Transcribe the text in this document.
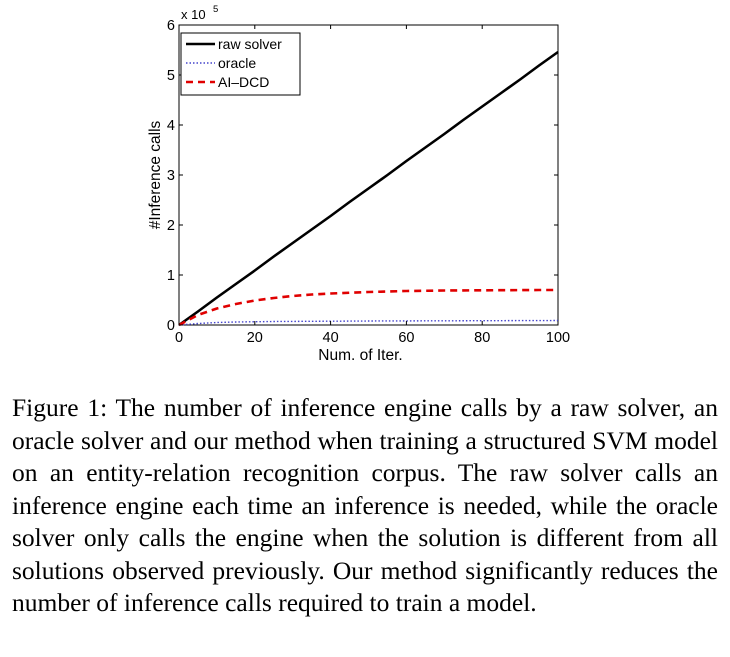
0	20	40	60	80	100
0
1
2
3
4
5
6
x 10 5
Num. of Iter.
#Inference calls
raw solver
oracle
AI–DCD
Figure 1: The number of inference engine calls by a raw solver, an oracle solver and our method when training a structured SVM model on an entity-relation recognition corpus. The raw solver calls an inference engine each time an inference is needed, while the oracle solver only calls the engine when the solution is different from all solutions observed previously. Our method significantly reduces the number of inference calls required to train a model.
